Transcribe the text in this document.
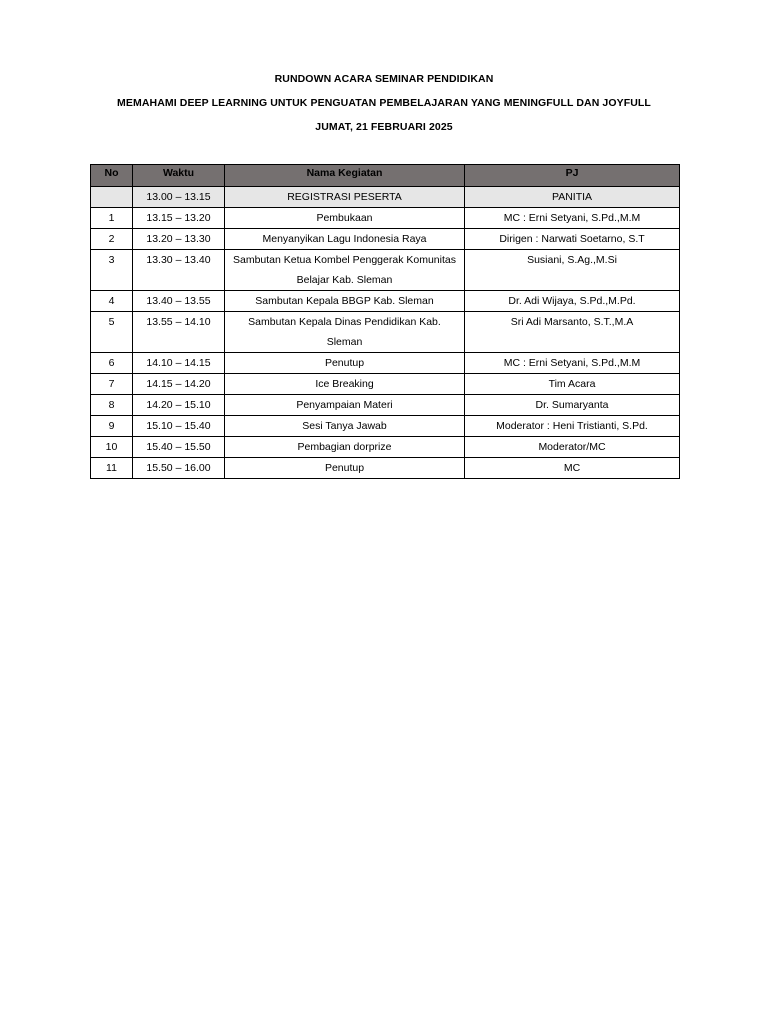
RUNDOWN ACARA SEMINAR PENDIDIKAN
MEMAHAMI DEEP LEARNING UNTUK PENGUATAN PEMBELAJARAN YANG MENINGFULL DAN JOYFULL
JUMAT, 21 FEBRUARI 2025
No	Waktu	Nama Kegiatan	PJ
	13.00 – 13.15	REGISTRASI PESERTA	PANITIA
1	13.15 – 13.20	Pembukaan	MC : Erni Setyani, S.Pd.,M.M
2	13.20 – 13.30	Menyanyikan Lagu Indonesia Raya	Dirigen : Narwati Soetarno, S.T
3	13.30 – 13.40	Sambutan Ketua Kombel Penggerak Komunitas Belajar Kab. Sleman	Susiani, S.Ag.,M.Si
4	13.40 – 13.55	Sambutan Kepala BBGP Kab. Sleman	Dr. Adi Wijaya, S.Pd.,M.Pd.
5	13.55 – 14.10	Sambutan Kepala Dinas Pendidikan Kab. Sleman	Sri Adi Marsanto, S.T.,M.A
6	14.10 – 14.15	Penutup	MC : Erni Setyani, S.Pd.,M.M
7	14.15 – 14.20	Ice Breaking	Tim Acara
8	14.20 – 15.10	Penyampaian Materi	Dr. Sumaryanta
9	15.10 – 15.40	Sesi Tanya Jawab	Moderator : Heni Tristianti, S.Pd.
10	15.40 – 15.50	Pembagian dorprize	Moderator/MC
11	15.50 – 16.00	Penutup	MC
